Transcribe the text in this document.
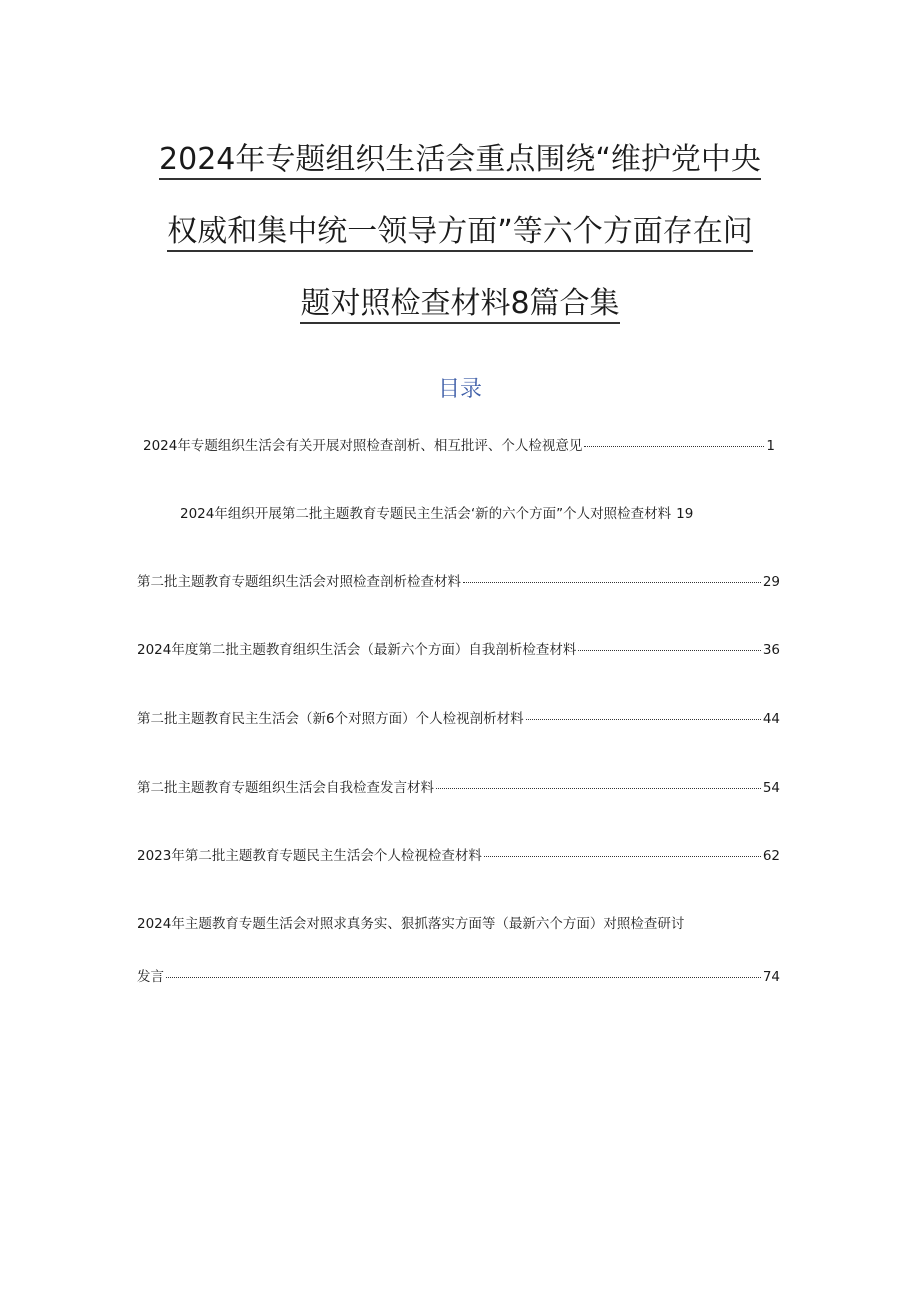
2024年专题组织生活会重点围绕“维护党中央
权威和集中统一领导方面”等六个方面存在问
题对照检查材料8篇合集
目录
2024年专题组织生活会有关开展对照检查剖析、相互批评、个人检视意见	1
2024年组织开展第二批主题教育专题民主生活会‘新的六个方面”个人对照检查材料 19
第二批主题教育专题组织生活会对照检查剖析检查材料	29
2024年度第二批主题教育组织生活会（最新六个方面）自我剖析检查材料	36
第二批主题教育民主生活会（新6个对照方面）个人检视剖析材料	44
第二批主题教育专题组织生活会自我检查发言材料	54
2023年第二批主题教育专题民主生活会个人检视检查材料	62
2024年主题教育专题生活会对照求真务实、狠抓落实方面等（最新六个方面）对照检查研讨
发言	74
